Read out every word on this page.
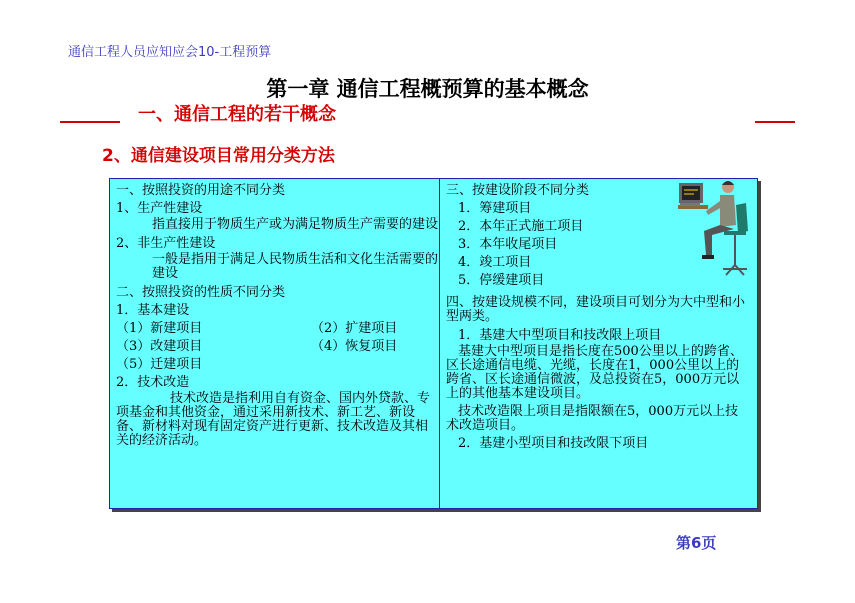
通信工程人员应知应会10-工程预算
第一章 通信工程概预算的基本概念
一、通信工程的若干概念
2、通信建设项目常用分类方法

一、按照投资的用途不同分类

1、生产性建设

指直接用于物质生产或为满足物质生产需要的建设

2、非生产性建设

一般是指用于满足人民物质生活和文化生活需要的建设

二、按照投资的性质不同分类

1．基本建设

（1）新建项目	（2）扩建项目
（3）改建项目	（4）恢复项目
（5）迁建项目

2．技术改造

技术改造是指利用自有资金、国内外贷款、专项基金和其他资金，通过采用新技术、新工艺、新设备、新材料对现有固定资产进行更新、技术改造及其相关的经济活动。

三、按建设阶段不同分类

1．筹建项目

2．本年正式施工项目

3．本年收尾项目

4．竣工项目

5．停缓建项目

四、按建设规模不同，建设项目可划分为大中型和小型两类。

1．基建大中型项目和技改限上项目

基建大中型项目是指长度在500公里以上的跨省、区长途通信电缆、光缆，长度在1，000公里以上的跨省、区长途通信微波，及总投资在5，000万元以上的其他基本建设项目。

技术改造限上项目是指限额在5，000万元以上技术改造项目。

2．基建小型项目和技改限下项目

第6页
